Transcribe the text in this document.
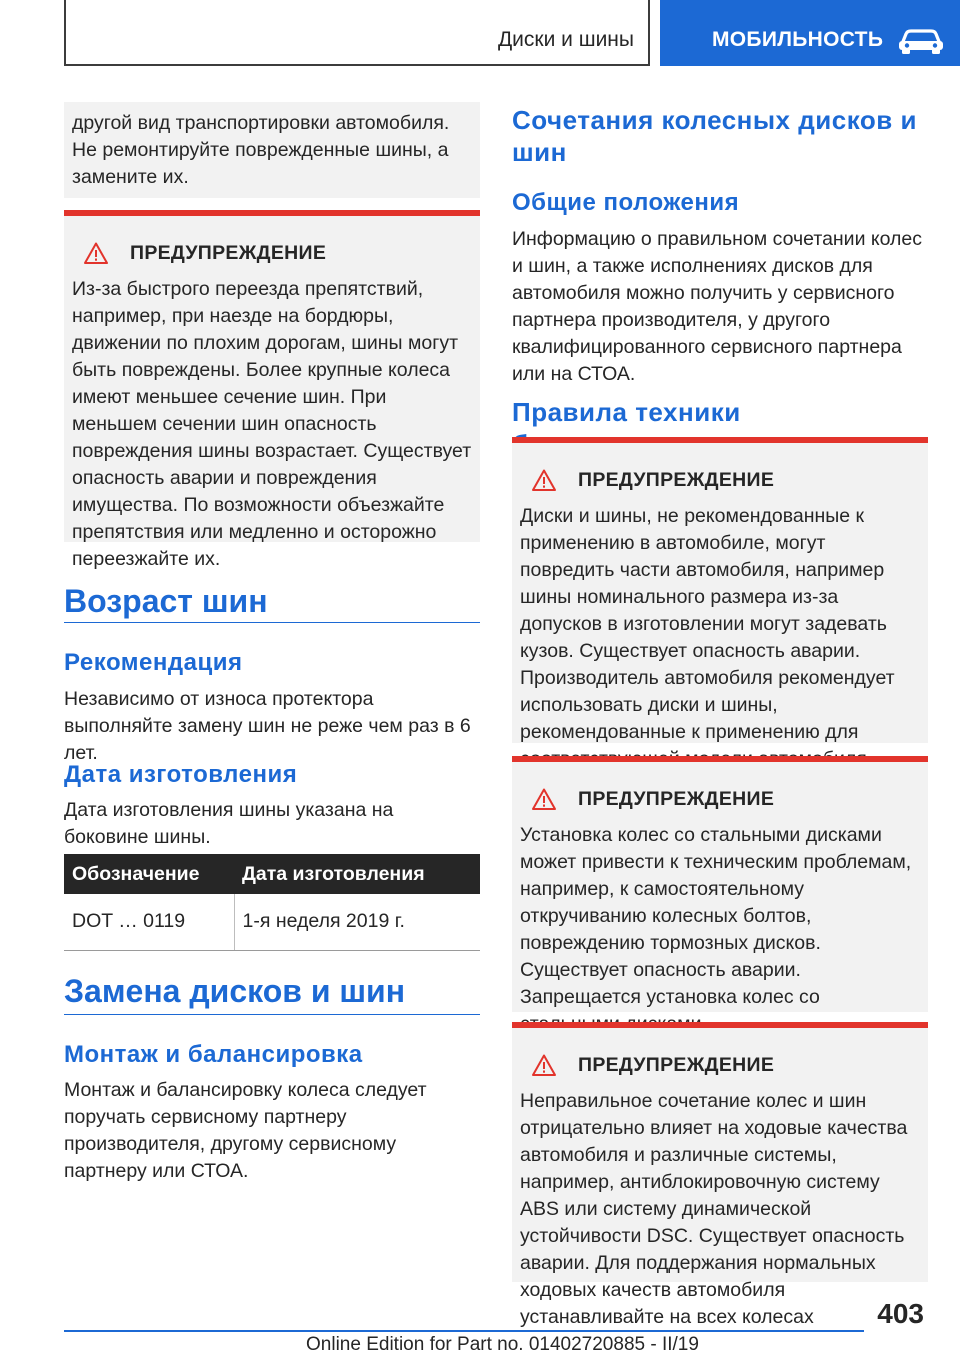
Диски и шины	МОБИЛЬНОСТЬ

другой вид транспортировки автомобиля. Не ремонтируйте поврежденные шины, а замените их.

ПРЕДУПРЕЖДЕНИЕ

Из-за быстрого переезда препятствий, например, при наезде на бордюры, движении по плохим дорогам, шины могут быть повреждены. Более крупные колеса имеют меньшее сечение шин. При меньшем сечении шин опасность повреждения шины возрастает. Существует опасность аварии и повреждения имущества. По возможности объезжайте препятствия или медленно и осторожно переезжайте их.

Возраст шин
Рекомендация

Независимо от износа протектора выполняйте замену шин не реже чем раз в 6 лет.

Дата изготовления

Дата изготовления шины указана на боковине шины.

Обозначение	Дата изготовления
DOT … 0119	1-я неделя 2019 г.
Замена дисков и шин
Монтаж и балансировка

Монтаж и балансировку колеса следует поручать сервисному партнеру производителя, другому сервисному партнеру или СТОА.

Сочетания колесных дисков и шин
Общие положения

Информацию о правильном сочетании колес и шин, а также исполнениях дисков для автомобиля можно получить у сервисного партнера производителя, у другого квалифицированного сервисного партнера или на СТОА.

Правила техники
ПРЕДУПРЕЖДЕНИЕ

Диски и шины, не рекомендованные к применению в автомобиле, могут повредить части автомобиля, например шины номинального размера из-за допусков в изготовлении могут задевать кузов. Существует опасность аварии. Производитель автомобиля рекомендует использовать диски и шины, рекомендованные к применению для

ПРЕДУПРЕЖДЕНИЕ

Установка колес со стальными дисками может привести к техническим проблемам, например, к самостоятельному откручиванию колесных болтов, повреждению тормозных дисков. Существует опасность аварии. Запрещается установка колес со

ПРЕДУПРЕЖДЕНИЕ

Неправильное сочетание колес и шин отрицательно влияет на ходовые качества автомобиля и различные системы, например, антиблокировочную систему ABS или систему динамической устойчивости DSC. Существует опасность аварии. Для поддержания нормальных ходовых качеств автомобиля устанавливайте на всех колесах	403
Online Edition for Part no. 01402720885 - II/19
